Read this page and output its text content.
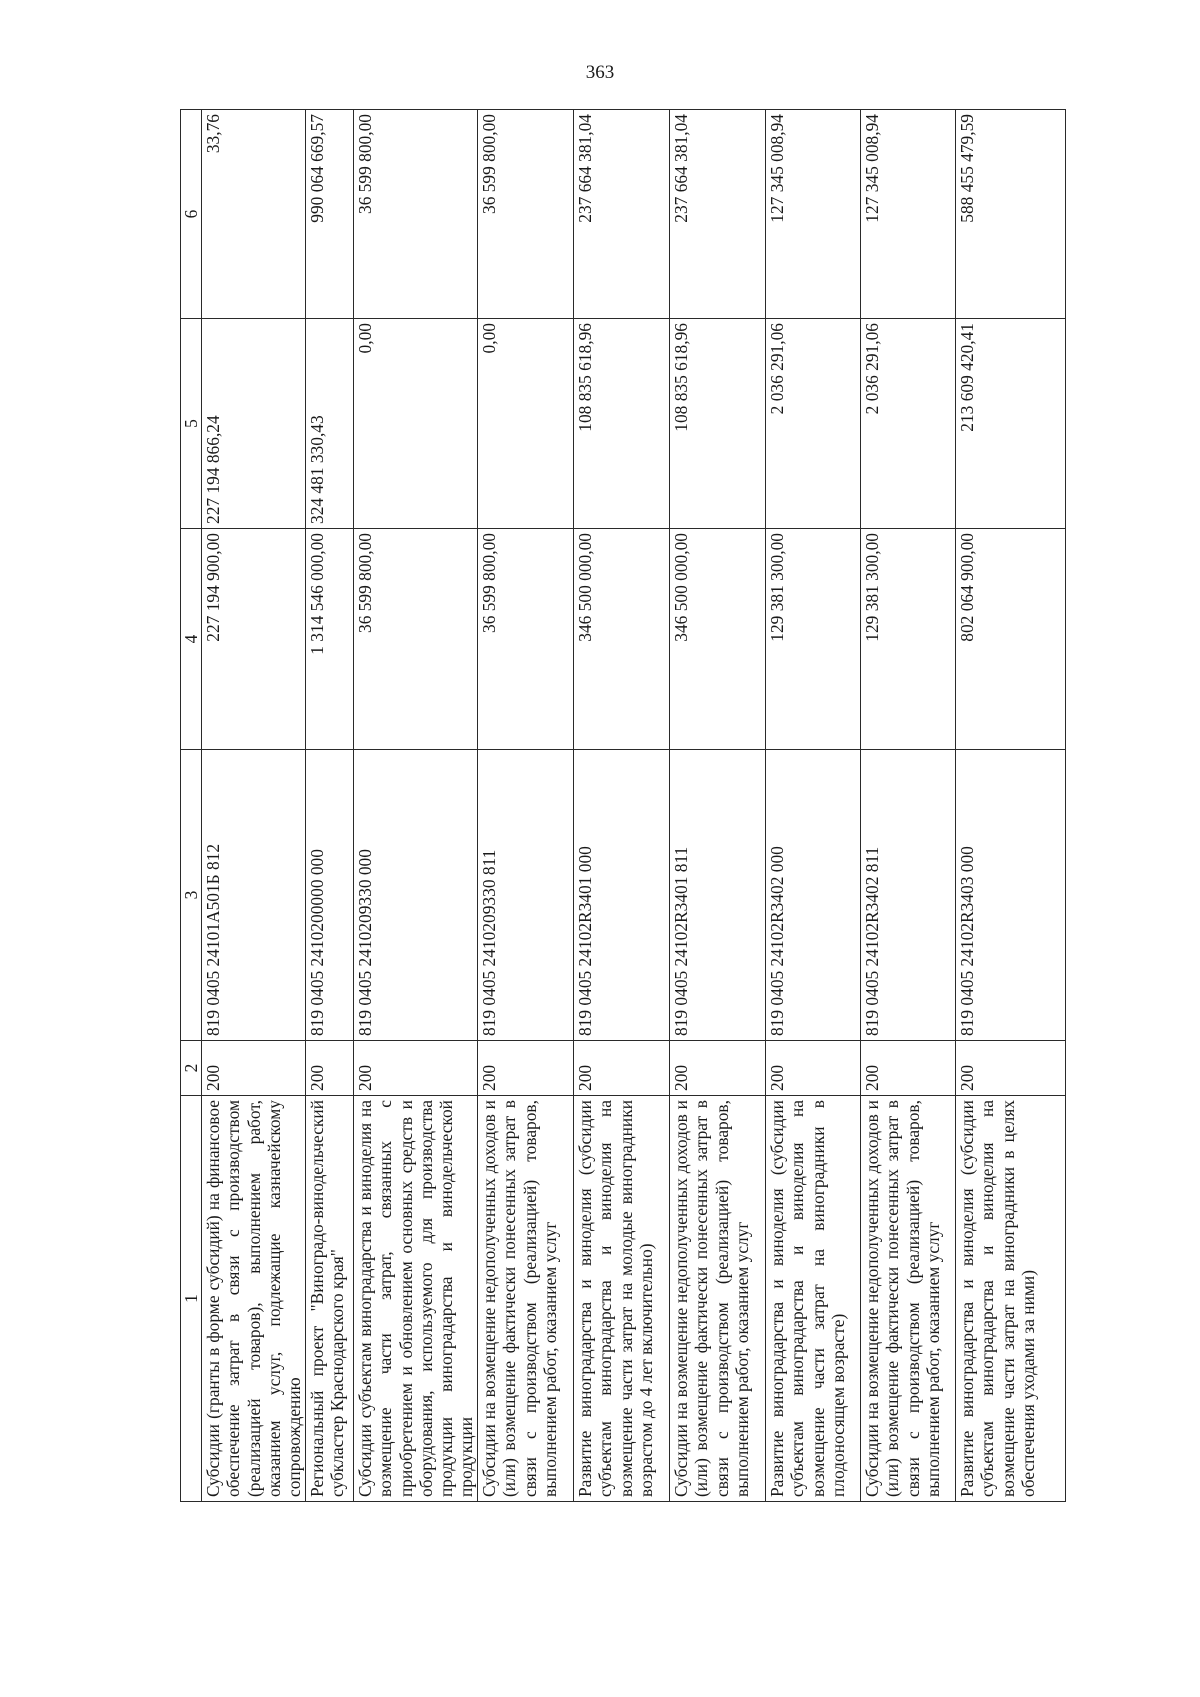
363
1	2	3	4	5	6
Субсидии (гранты в форме субсидий) на финансовое обеспечение затрат в связи с производством (реализацией товаров), выполнением работ, оказанием услуг, подлежащие казначейскому сопровождению	200	819 0405 24101А501Б 812	227 194 900,00	227 194 866,24	33,76
Региональный проект "Виноградо-винодельческий субкластер Краснодарского края"	200	819 0405 2410200000 000	1 314 546 000,00	324 481 330,43	990 064 669,57
Субсидии субъектам виноградарства и виноделия на возмещение части затрат, связанных с приобретением и обновлением основных средств и оборудования, используемого для производства продукции виноградарства и винодельческой продукции	200	819 0405 2410209330 000	36 599 800,00	0,00	36 599 800,00
Субсидии на возмещение недополученных доходов и (или) возмещение фактически понесенных затрат в связи с производством (реализацией) товаров, выполнением работ, оказанием услуг	200	819 0405 2410209330 811	36 599 800,00	0,00	36 599 800,00
Развитие виноградарства и виноделия (субсидии субъектам виноградарства и виноделия на возмещение части затрат на молодые виноградники возрастом до 4 лет включительно)	200	819 0405 24102R3401 000	346 500 000,00	108 835 618,96	237 664 381,04
Субсидии на возмещение недополученных доходов и (или) возмещение фактически понесенных затрат в связи с производством (реализацией) товаров, выполнением работ, оказанием услуг	200	819 0405 24102R3401 811	346 500 000,00	108 835 618,96	237 664 381,04
Развитие виноградарства и виноделия (субсидии субъектам виноградарства и виноделия на возмещение части затрат на виноградники в плодоносящем возрасте)	200	819 0405 24102R3402 000	129 381 300,00	2 036 291,06	127 345 008,94
Субсидии на возмещение недополученных доходов и (или) возмещение фактически понесенных затрат в связи с производством (реализацией) товаров, выполнением работ, оказанием услуг	200	819 0405 24102R3402 811	129 381 300,00	2 036 291,06	127 345 008,94
Развитие виноградарства и виноделия (субсидии субъектам виноградарства и виноделия на возмещение части затрат на виноградники в целях обеспечения уходами за ними)	200	819 0405 24102R3403 000	802 064 900,00	213 609 420,41	588 455 479,59
